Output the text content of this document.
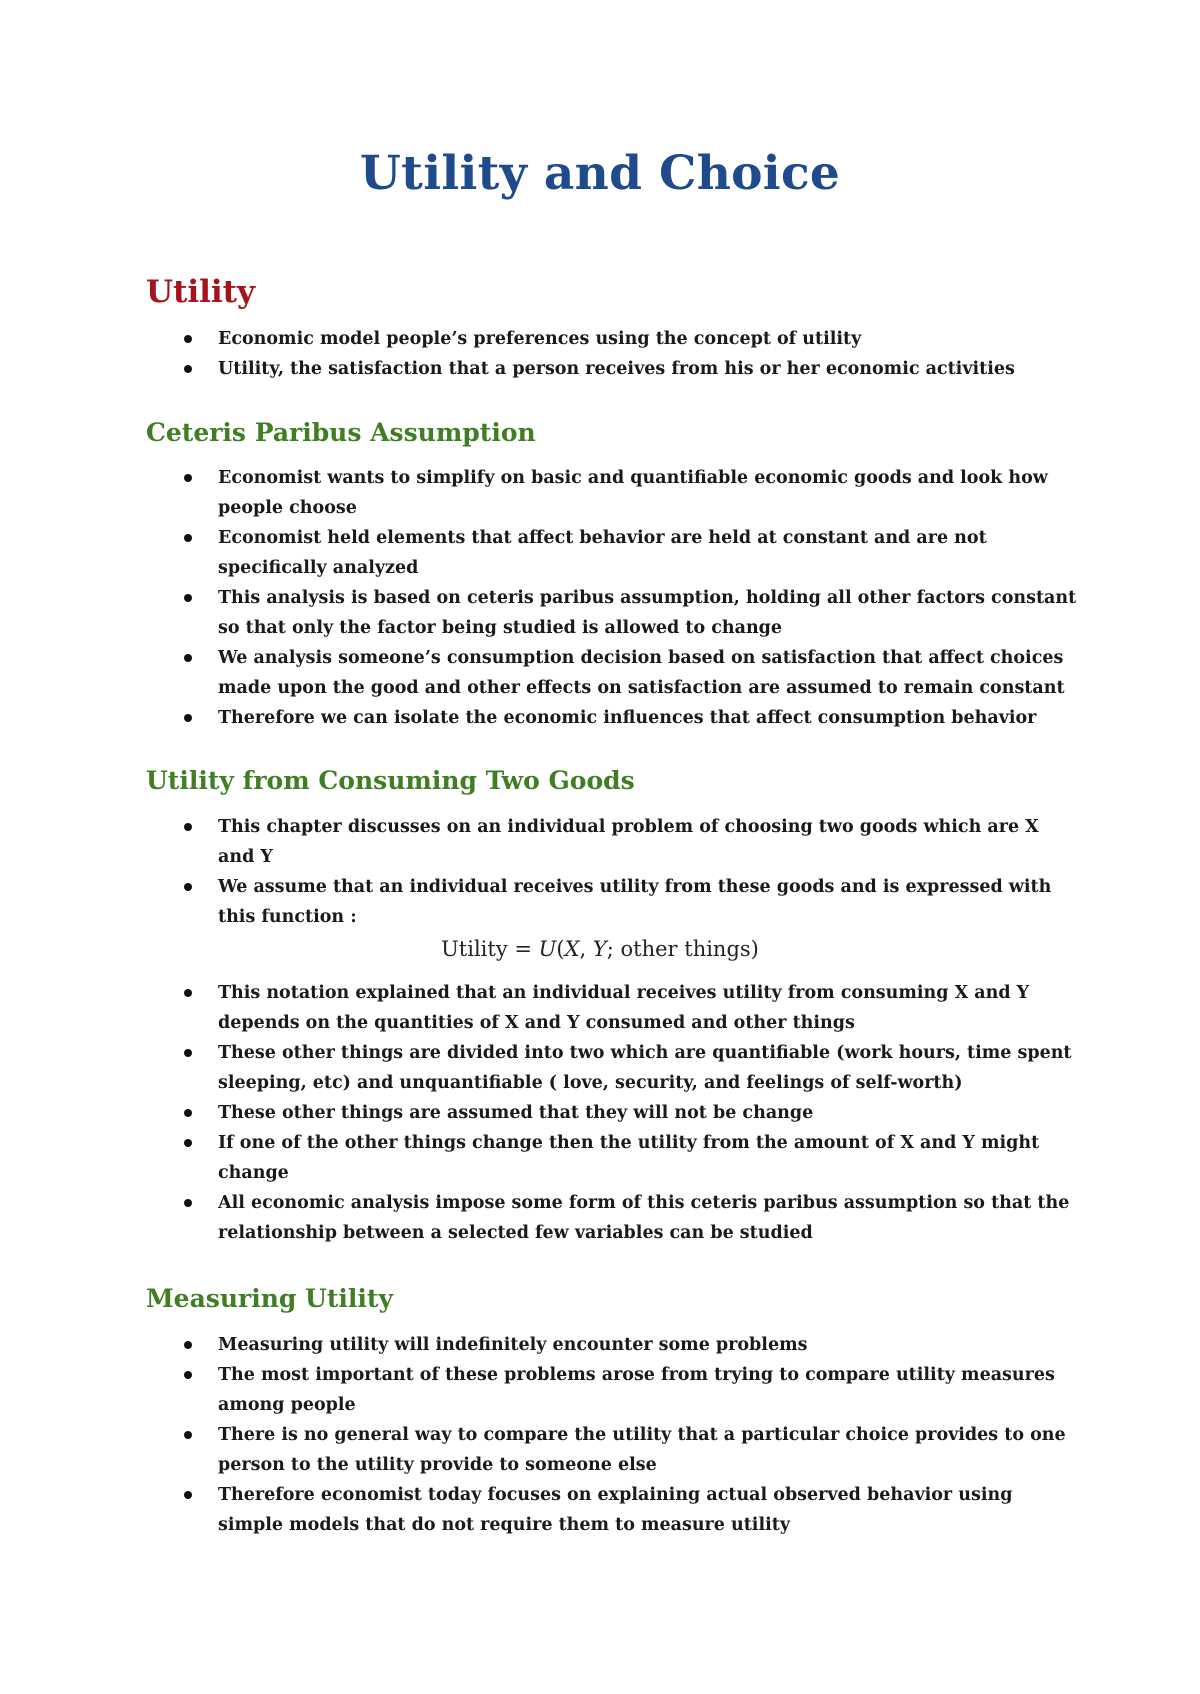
Utility and Choice
Utility
Economic model people’s preferences using the concept of utility
Utility, the satisfaction that a person receives from his or her economic activities
Ceteris Paribus Assumption
Economist wants to simplify on basic and quantifiable economic goods and look how people choose
Economist held elements that affect behavior are held at constant and are not specifically analyzed
This analysis is based on ceteris paribus assumption, holding all other factors constant so that only the factor being studied is allowed to change
We analysis someone’s consumption decision based on satisfaction that affect choices made upon the good and other effects on satisfaction are assumed to remain constant
Therefore we can isolate the economic influences that affect consumption behavior
Utility from Consuming Two Goods
This chapter discusses on an individual problem of choosing two goods which are X and Y
We assume that an individual receives utility from these goods and is expressed with this function :

Utility = U(X, Y; other things)

This notation explained that an individual receives utility from consuming X and Y depends on the quantities of X and Y consumed and other things
These other things are divided into two which are quantifiable (work hours, time spent sleeping, etc) and unquantifiable ( love, security, and feelings of self-worth)
These other things are assumed that they will not be change
If one of the other things change then the utility from the amount of X and Y might change
All economic analysis impose some form of this ceteris paribus assumption so that the relationship between a selected few variables can be studied
Measuring Utility
Measuring utility will indefinitely encounter some problems
The most important of these problems arose from trying to compare utility measures among people
There is no general way to compare the utility that a particular choice provides to one person to the utility provide to someone else
Therefore economist today focuses on explaining actual observed behavior using simple models that do not require them to measure utility
